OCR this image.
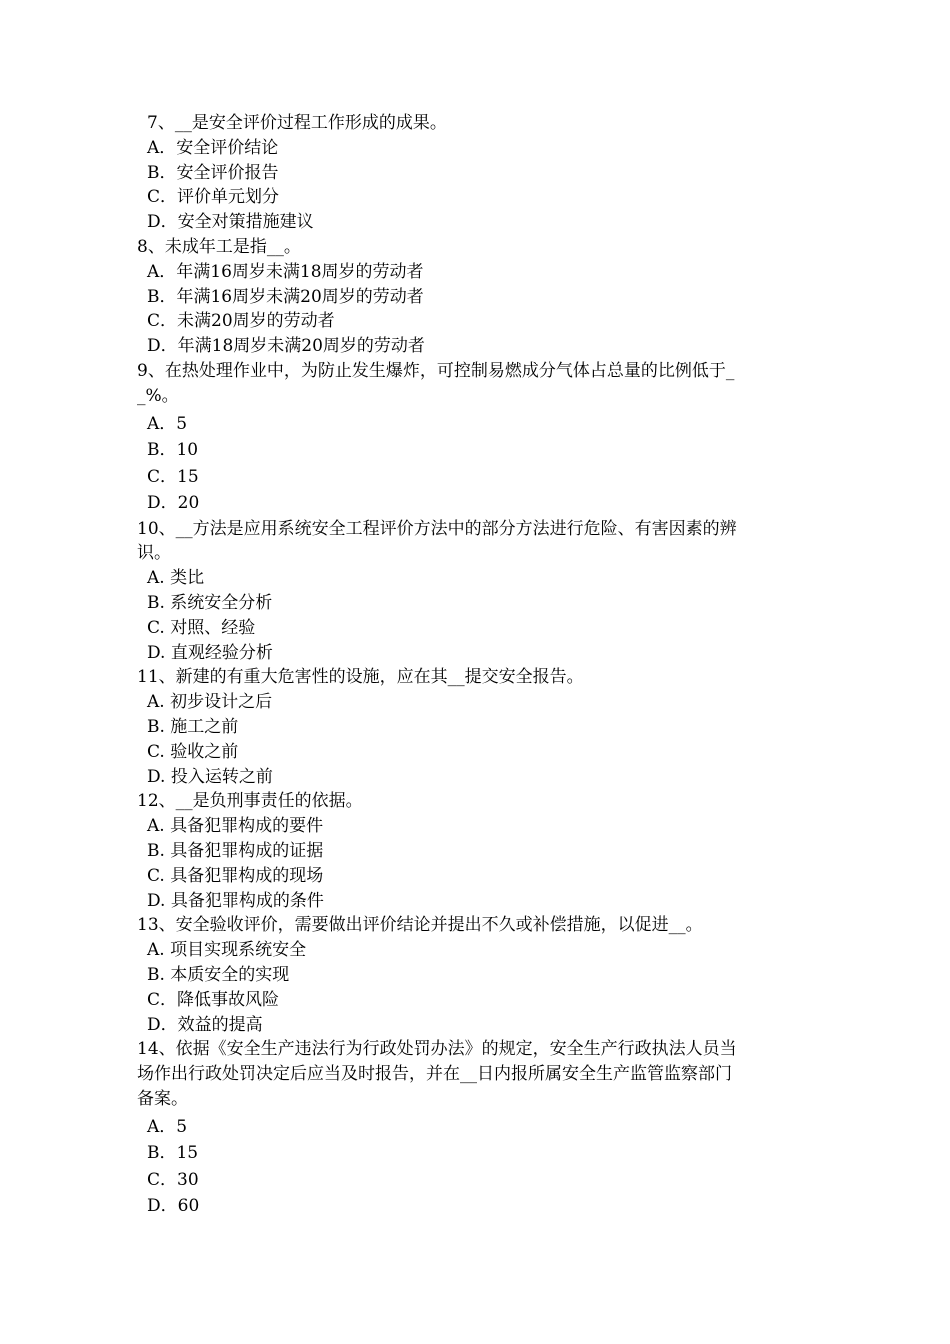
7、__是安全评价过程工作形成的成果。
A．安全评价结论
B．安全评价报告
C．评价单元划分
D．安全对策措施建议
8、未成年工是指__。
A．年满16周岁未满18周岁的劳动者
B．年满16周岁未满20周岁的劳动者
C．未满20周岁的劳动者
D．年满18周岁未满20周岁的劳动者
9、在热处理作业中，为防止发生爆炸，可控制易燃成分气体占总量的比例低于_
_%。
A．5
B．10
C．15
D．20
10、__方法是应用系统安全工程评价方法中的部分方法进行危险、有害因素的辨
识。
A. 类比
B. 系统安全分析
C. 对照、经验
D. 直观经验分析
11、新建的有重大危害性的设施，应在其__提交安全报告。
A. 初步设计之后
B. 施工之前
C. 验收之前
D. 投入运转之前
12、__是负刑事责任的依据。
A. 具备犯罪构成的要件
B. 具备犯罪构成的证据
C. 具备犯罪构成的现场
D. 具备犯罪构成的条件
13、安全验收评价，需要做出评价结论并提出不久或补偿措施，以促进__。
A. 项目实现系统安全
B. 本质安全的实现
C．降低事故风险
D．效益的提高
14、依据《安全生产违法行为行政处罚办法》的规定，安全生产行政执法人员当
场作出行政处罚决定后应当及时报告，并在__日内报所属安全生产监管监察部门
备案。
A．5
B．15
C．30
D．60
